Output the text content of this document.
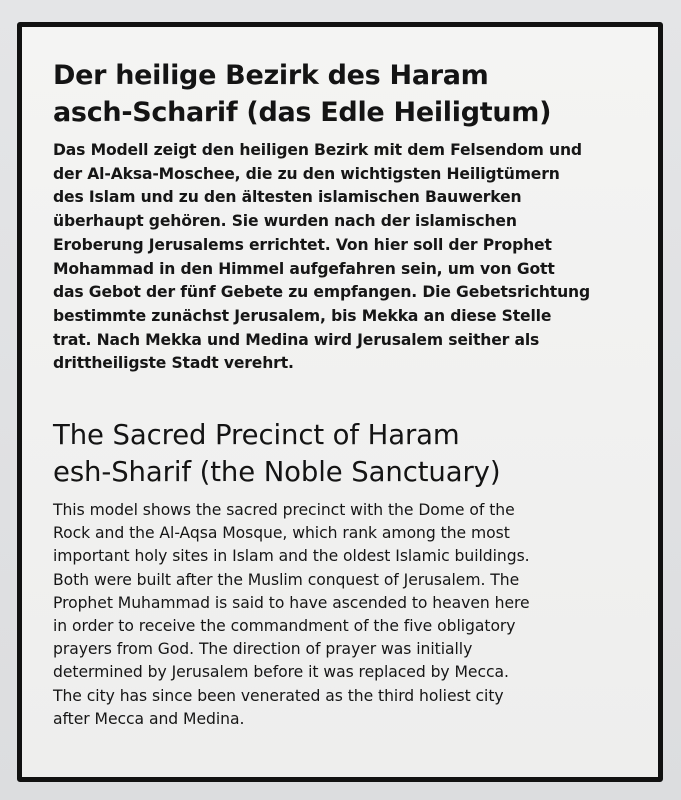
Der heilige Bezirk des Haram
asch-Scharif (das Edle Heiligtum)

Das Modell zeigt den heiligen Bezirk mit dem Felsendom und
der Al-Aksa-Moschee, die zu den wichtigsten Heiligtümern
des Islam und zu den ältesten islamischen Bauwerken
überhaupt gehören. Sie wurden nach der islamischen
Eroberung Jerusalems errichtet. Von hier soll der Prophet
Mohammad in den Himmel aufgefahren sein, um von Gott
das Gebot der fünf Gebete zu empfangen. Die Gebetsrichtung
bestimmte zunächst Jerusalem, bis Mekka an diese Stelle
trat. Nach Mekka und Medina wird Jerusalem seither als
drittheiligste Stadt verehrt.

The Sacred Precinct of Haram
esh-Sharif (the Noble Sanctuary)

This model shows the sacred precinct with the Dome of the
Rock and the Al-Aqsa Mosque, which rank among the most
important holy sites in Islam and the oldest Islamic buildings.
Both were built after the Muslim conquest of Jerusalem. The
Prophet Muhammad is said to have ascended to heaven here
in order to receive the commandment of the five obligatory
prayers from God. The direction of prayer was initially
determined by Jerusalem before it was replaced by Mecca.
The city has since been venerated as the third holiest city
after Mecca and Medina.
